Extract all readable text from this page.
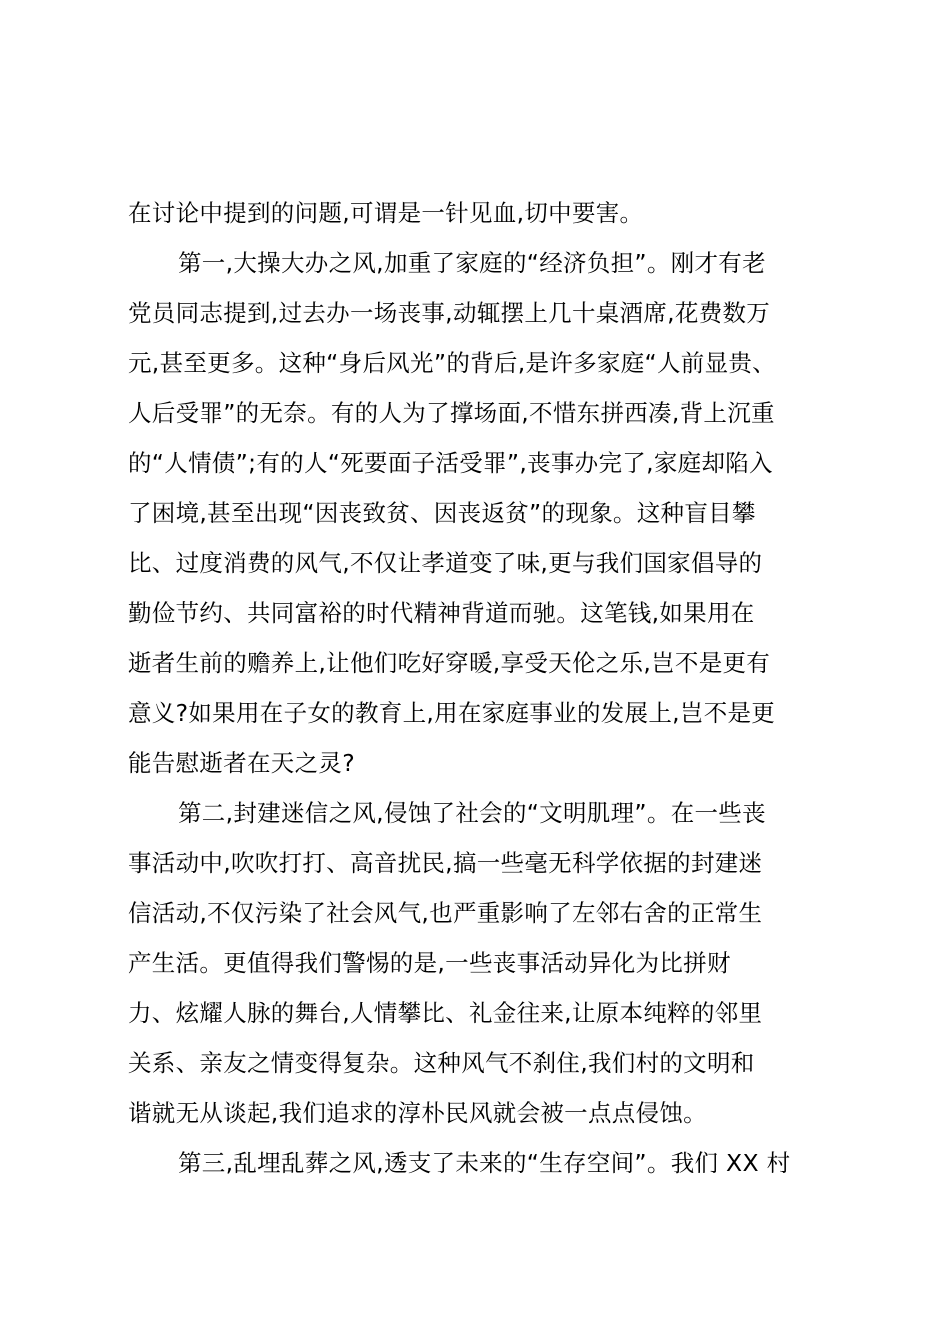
在讨论中提到的问题,可谓是一针见血,切中要害。
第一,大操大办之风,加重了家庭的“经济负担”。刚才有老
党员同志提到,过去办一场丧事,动辄摆上几十桌酒席,花费数万
元,甚至更多。这种“身后风光”的背后,是许多家庭“人前显贵、
人后受罪”的无奈。有的人为了撑场面,不惜东拼西凑,背上沉重
的“人情债”;有的人“死要面子活受罪”,丧事办完了,家庭却陷入
了困境,甚至出现“因丧致贫、因丧返贫”的现象。这种盲目攀
比、过度消费的风气,不仅让孝道变了味,更与我们国家倡导的
勤俭节约、共同富裕的时代精神背道而驰。这笔钱,如果用在
逝者生前的赡养上,让他们吃好穿暖,享受天伦之乐,岂不是更有
意义?如果用在子女的教育上,用在家庭事业的发展上,岂不是更
能告慰逝者在天之灵?
第二,封建迷信之风,侵蚀了社会的“文明肌理”。在一些丧
事活动中,吹吹打打、高音扰民,搞一些毫无科学依据的封建迷
信活动,不仅污染了社会风气,也严重影响了左邻右舍的正常生
产生活。更值得我们警惕的是,一些丧事活动异化为比拼财
力、炫耀人脉的舞台,人情攀比、礼金往来,让原本纯粹的邻里
关系、亲友之情变得复杂。这种风气不刹住,我们村的文明和
谐就无从谈起,我们追求的淳朴民风就会被一点点侵蚀。
第三,乱埋乱葬之风,透支了未来的“生存空间”。我们 XX 村
